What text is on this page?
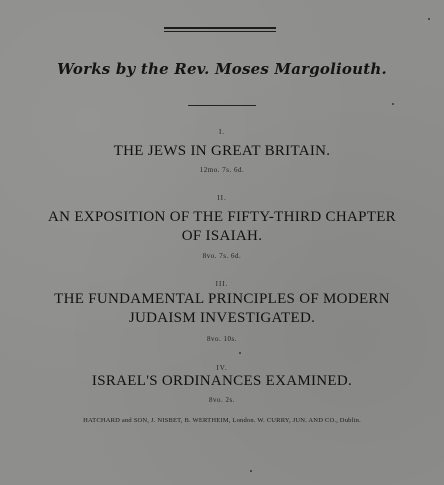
Works by the Rev. Moses Margoliouth.
I.
THE JEWS IN GREAT BRITAIN.
12mo. 7s. 6d.
II.
AN EXPOSITION OF THE FIFTY-THIRD CHAPTER
OF ISAIAH.
8vo. 7s. 6d.
III.
THE FUNDAMENTAL PRINCIPLES OF MODERN
JUDAISM INVESTIGATED.
8vo. 10s.
IV.
ISRAEL'S ORDINANCES EXAMINED.
8vo. 2s.
HATCHARD and SON, J. NISBET, B. WERTHEIM, London. W. CURRY, JUN. AND CO., Dublin.
